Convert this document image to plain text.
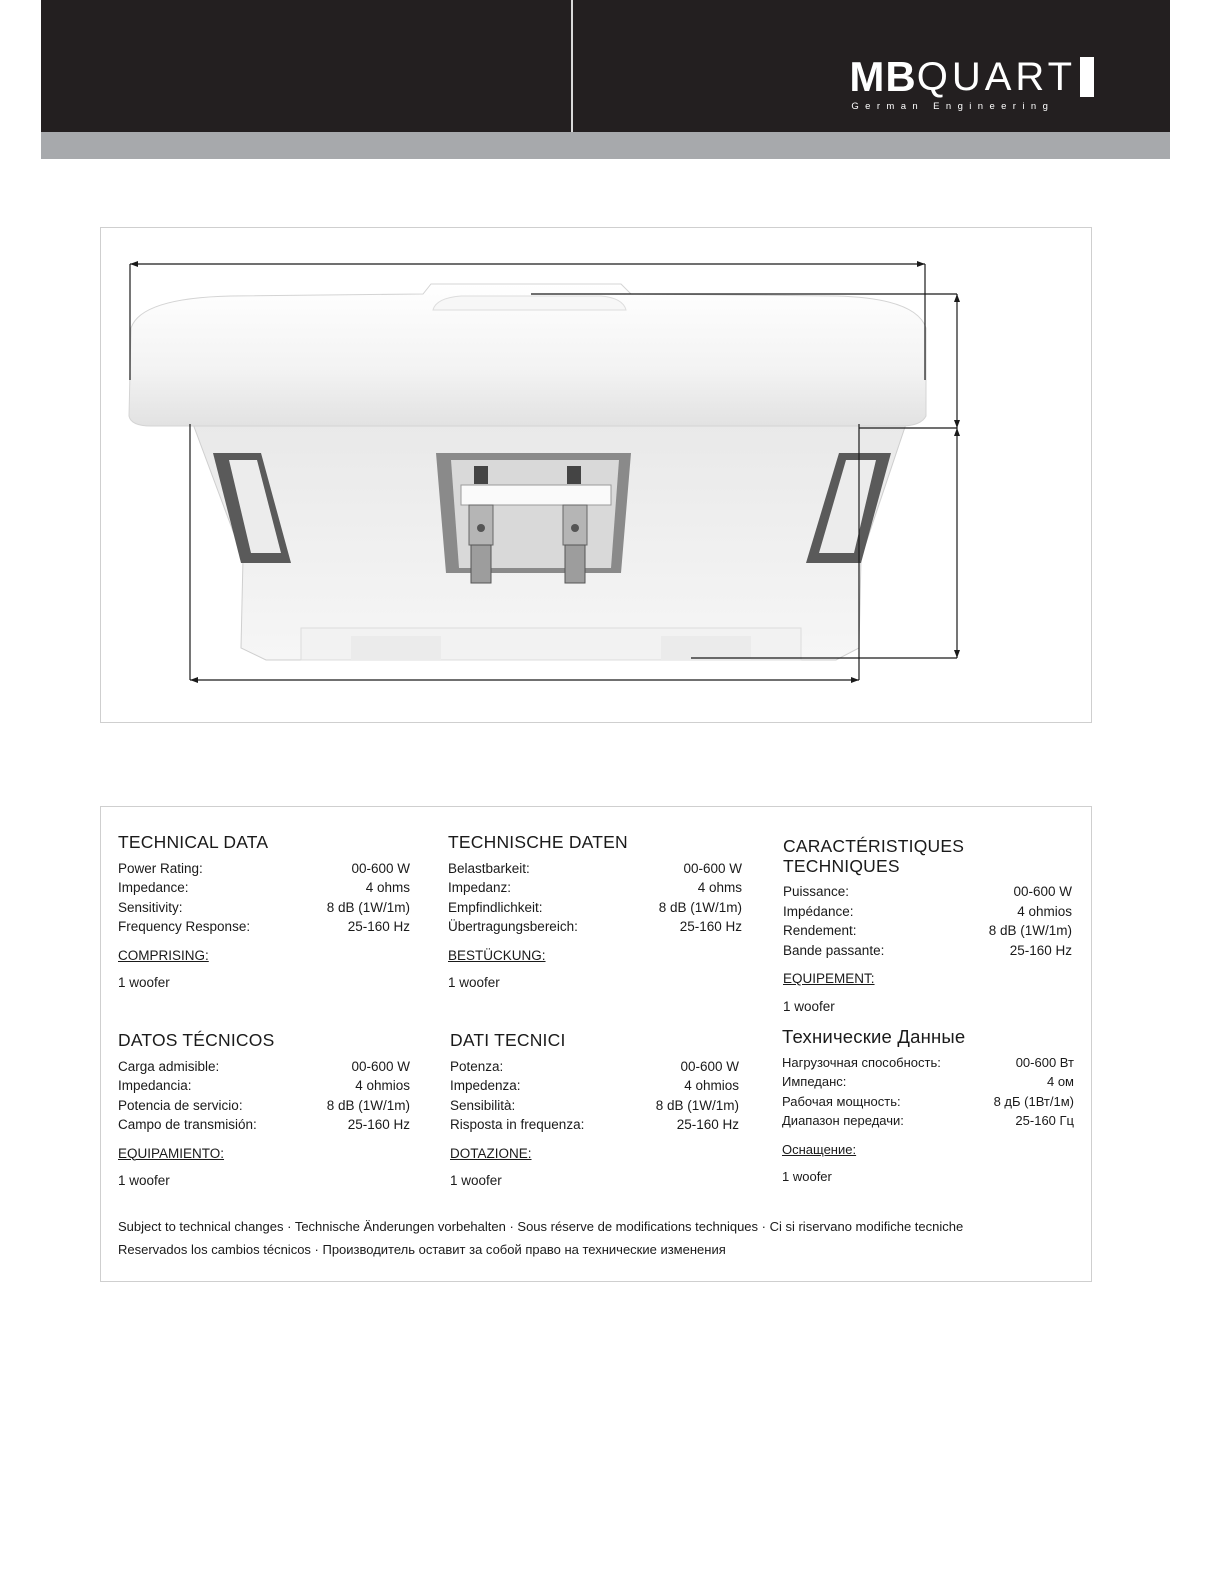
MB QUART
German Engineering
TECHNICAL DATA
Power Rating:	00-600 W
Impedance:	4 ohms
Sensitivity:	8 dB (1W/1m)
Frequency Response:	25-160 Hz
COMPRISING:
1 woofer
TECHNISCHE DATEN
Belastbarkeit:	00-600 W
Impedanz:	4 ohms
Empfindlichkeit:	8 dB (1W/1m)
Übertragungsbereich:	25-160 Hz
BESTÜCKUNG:
1 woofer
CARACTÉRISTIQUES TECHNIQUES
Puissance:	00-600 W
Impédance:	4 ohmios
Rendement:	8 dB (1W/1m)
Bande passante:	25-160 Hz
EQUIPEMENT:
1 woofer
DATOS TÉCNICOS
Carga admisible:	00-600 W
Impedancia:	4 ohmios
Potencia de servicio:	8 dB (1W/1m)
Campo de transmisión:	25-160 Hz
EQUIPAMIENTO:
1 woofer
DATI TECNICI
Potenza:	00-600 W
Impedenza:	4 ohmios
Sensibilità:	8 dB (1W/1m)
Risposta in frequenza:	25-160 Hz
DOTAZIONE:
1 woofer
Технические Данные
Нагрузочная способность:	00-600 Вт
Импеданс:	4 ом
Рабочая мощность:	8 дБ (1Вт/1м)
Диапазон передачи:	25-160 Гц
Оснащение:
1 woofer
Subject to technical changes · Technische Änderungen vorbehalten · Sous réserve de modifications techniques · Ci si riservano modifiche tecniche
Reservados los cambios técnicos · Производитель оставит за собой право на технические изменения
